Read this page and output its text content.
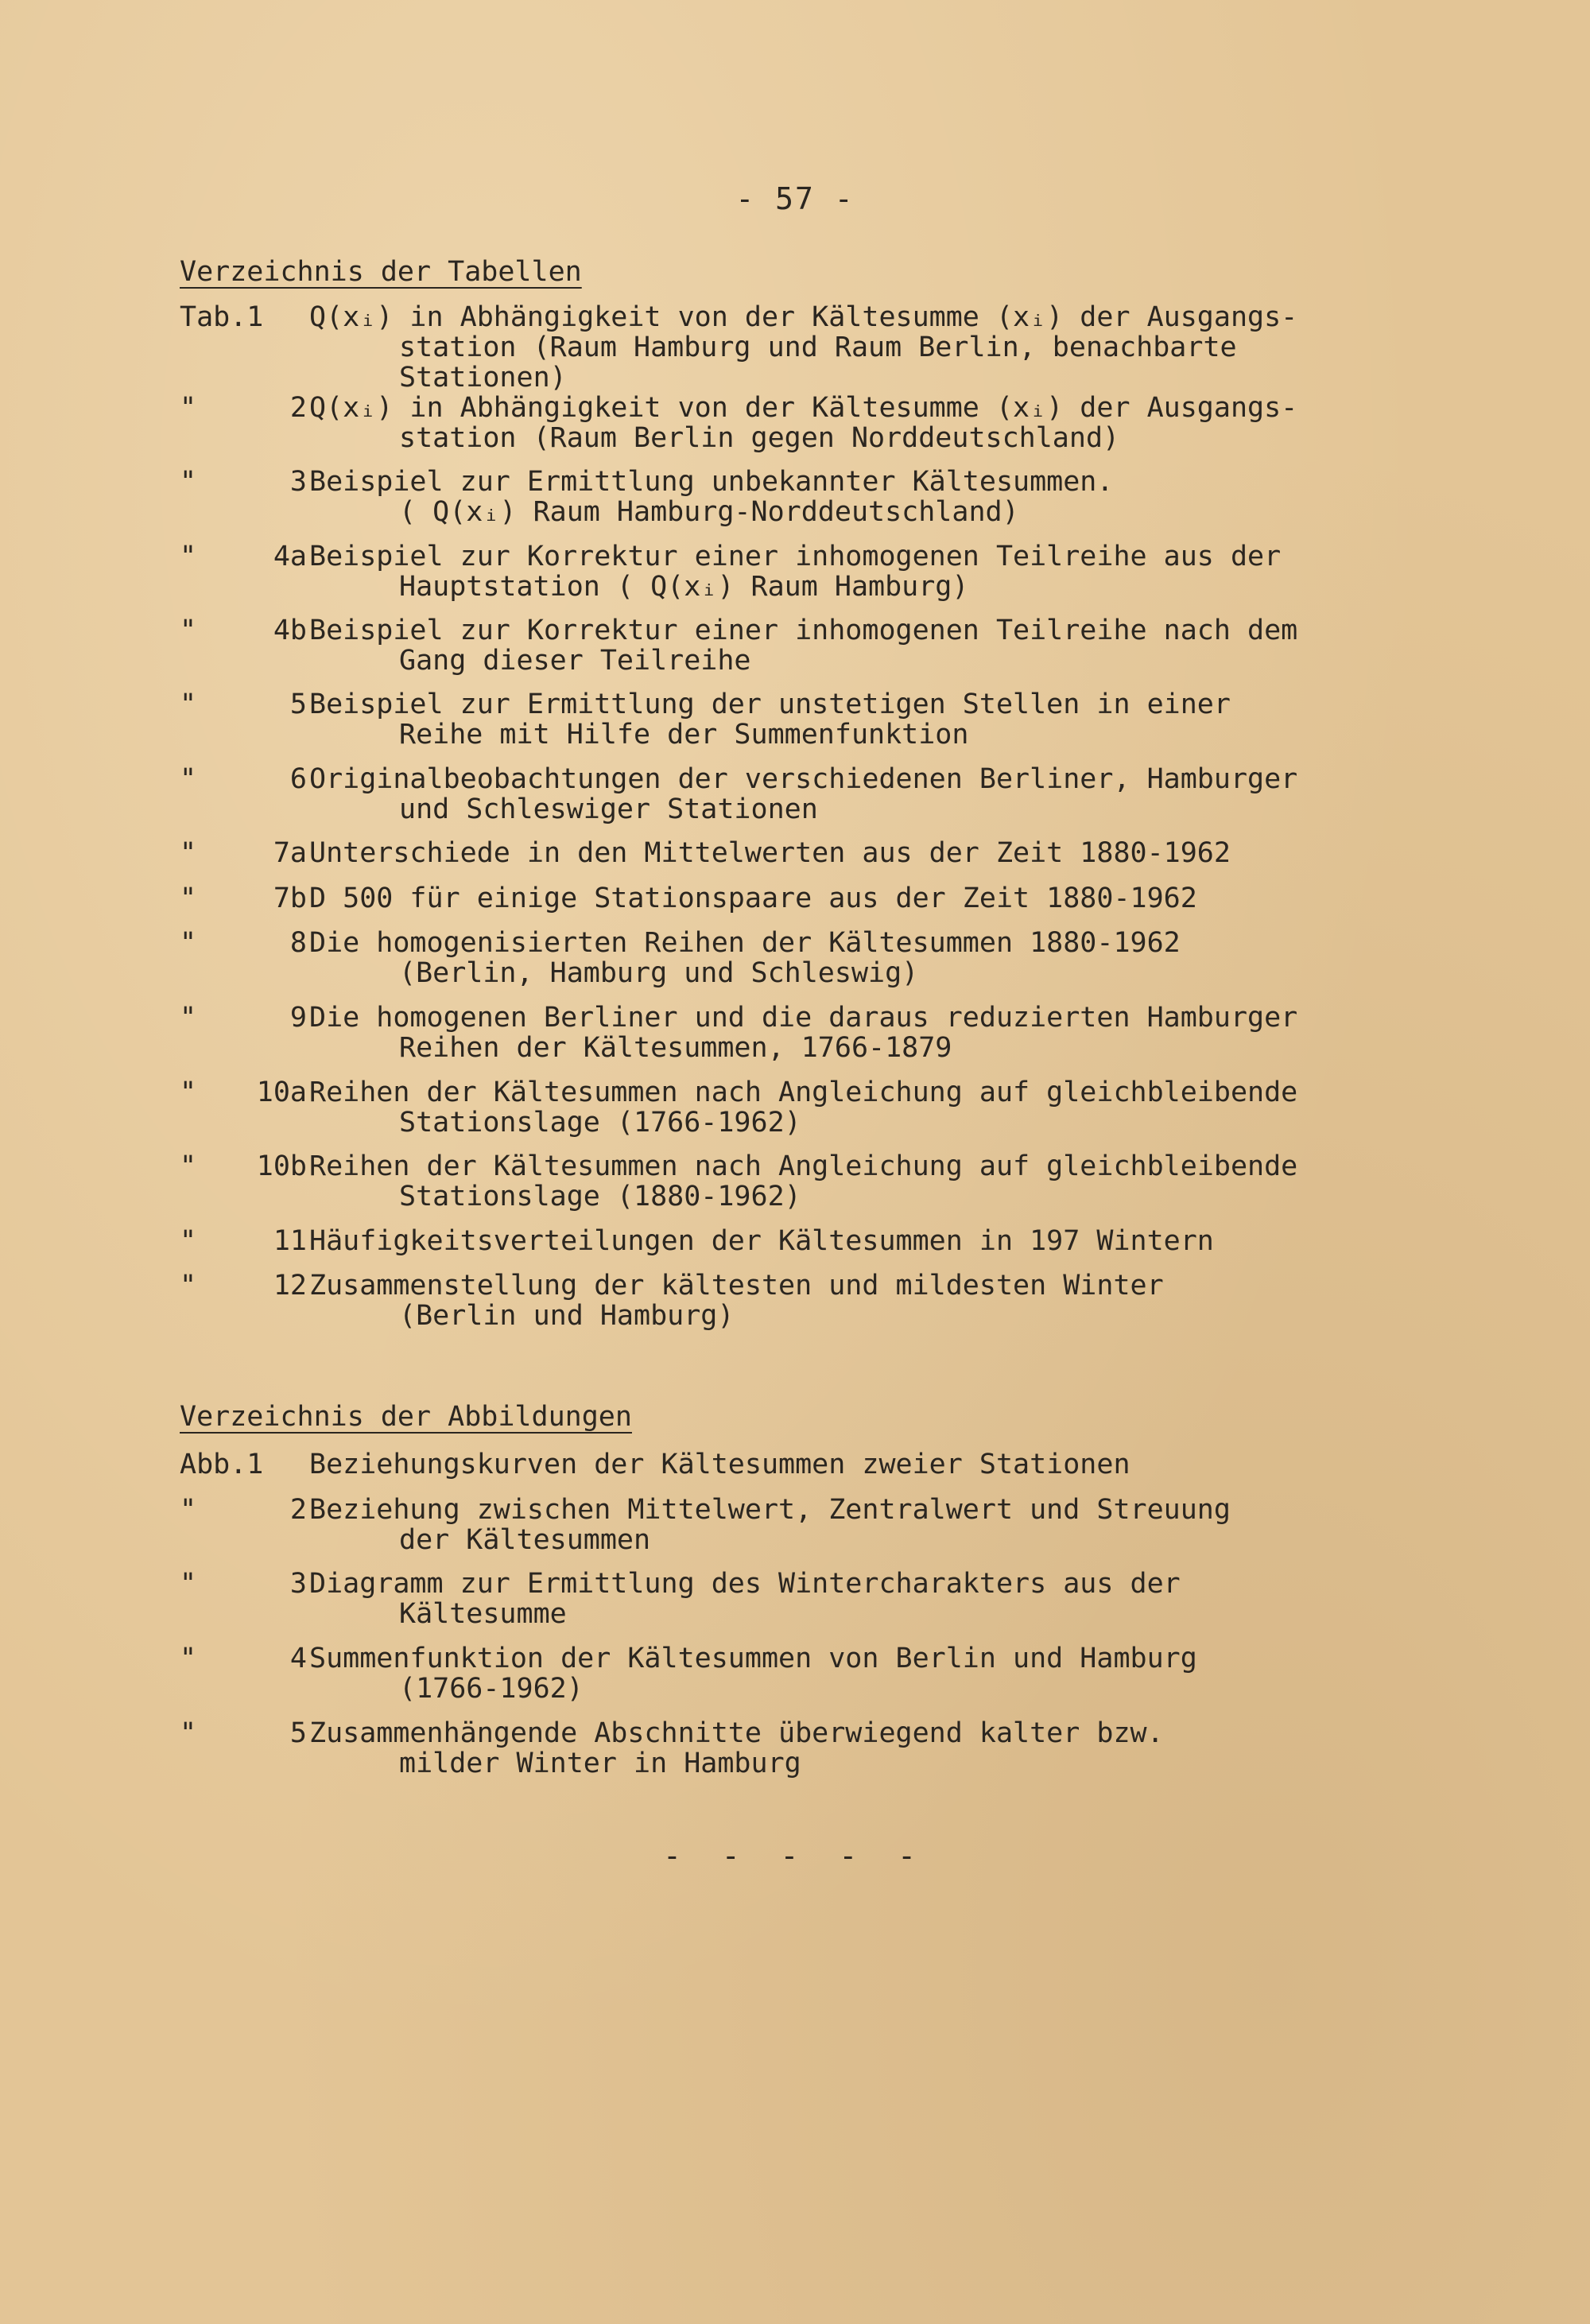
- 57 -
Verzeichnis der Tabellen
Tab.1 Q(xᵢ) in Abhängigkeit von der Kältesumme (xᵢ) der Ausgangs-
station (Raum Hamburg und Raum Berlin, benachbarte
Stationen)
"	2 Q(xᵢ) in Abhängigkeit von der Kältesumme (xᵢ) der Ausgangs-
station (Raum Berlin gegen Norddeutschland)
"	3 Beispiel zur Ermittlung unbekannter Kältesummen.
( Q(xᵢ) Raum Hamburg-Norddeutschland)
"	4a Beispiel zur Korrektur einer inhomogenen Teilreihe aus der
Hauptstation ( Q(xᵢ) Raum Hamburg)
"	4b Beispiel zur Korrektur einer inhomogenen Teilreihe nach dem
Gang dieser Teilreihe
"	5 Beispiel zur Ermittlung der unstetigen Stellen in einer
Reihe mit Hilfe der Summenfunktion
"	6 Originalbeobachtungen der verschiedenen Berliner, Hamburger
und Schleswiger Stationen
"	7a Unterschiede in den Mittelwerten aus der Zeit 1880-1962
"	7b D 500 für einige Stationspaare aus der Zeit 1880-1962
"	8 Die homogenisierten Reihen der Kältesummen 1880-1962
(Berlin, Hamburg und Schleswig)
"	9 Die homogenen Berliner und die daraus reduzierten Hamburger
Reihen der Kältesummen, 1766-1879
"	10a Reihen der Kältesummen nach Angleichung auf gleichbleibende
Stationslage (1766-1962)
"	10b Reihen der Kältesummen nach Angleichung auf gleichbleibende
Stationslage (1880-1962)
"	11 Häufigkeitsverteilungen der Kältesummen in 197 Wintern
"	12 Zusammenstellung der kältesten und mildesten Winter
(Berlin und Hamburg)
Verzeichnis der Abbildungen
Abb.1 Beziehungskurven der Kältesummen zweier Stationen
"	2 Beziehung zwischen Mittelwert, Zentralwert und Streuung
der Kältesummen
"	3 Diagramm zur Ermittlung des Wintercharakters aus der
Kältesumme
"	4 Summenfunktion der Kältesummen von Berlin und Hamburg
(1766-1962)
"	5 Zusammenhängende Abschnitte überwiegend kalter bzw.
milder Winter in Hamburg
- - - - -
